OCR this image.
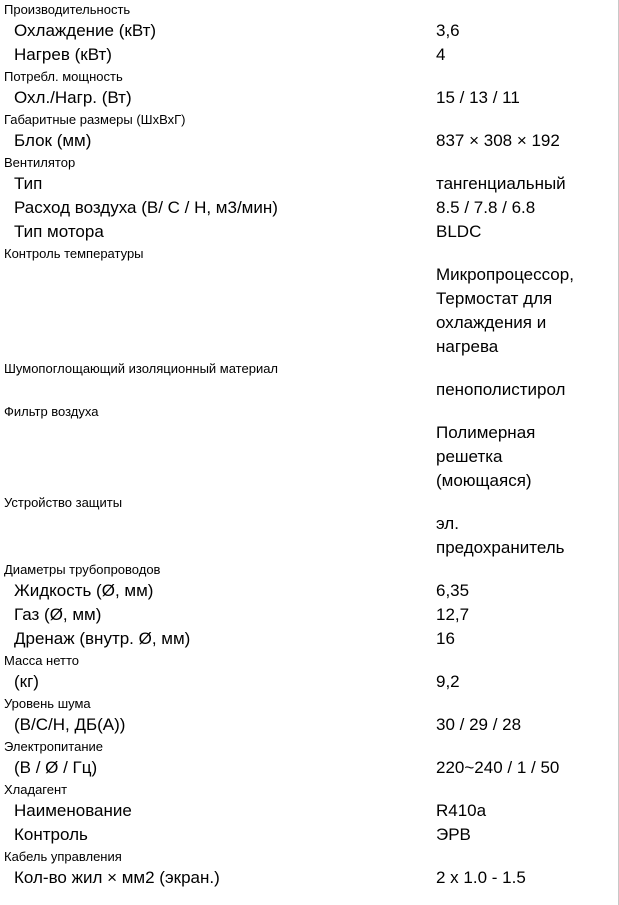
Производительность
Охлаждение (кВт)	3,6
Нагрев (кВт)	4
Потребл. мощность
Охл./Нагр. (Вт)	15 / 13 / 11
Габаритные размеры (ШхВхГ)
Блок (мм)	837 × 308 × 192
Вентилятор
Тип	тангенциальный
Расход воздуха (В/ С / Н, м3/мин)	8.5 / 7.8 / 6.8
Тип мотора	BLDC
Контроль температуры
Микропроцессор,
Термостат для
охлаждения и
нагрева
Шумопоглощающий изоляционный материал
пенополистирол
Фильтр воздуха
Полимерная
решетка
(моющаяся)
Устройство защиты
эл.
предохранитель
Диаметры трубопроводов
Жидкость (Ø, мм)	6,35
Газ (Ø, мм)	12,7
Дренаж (внутр. Ø, мм)	16
Масса нетто
(кг)	9,2
Уровень шума
(В/С/Н, ДБ(А))	30 / 29 / 28
Электропитание
(В / Ø / Гц)	220~240 / 1 / 50
Хладагент
Наименование	R410a
Контроль	ЭРВ
Кабель управления
Кол-во жил × мм2 (экран.)	2 x 1.0 - 1.5
